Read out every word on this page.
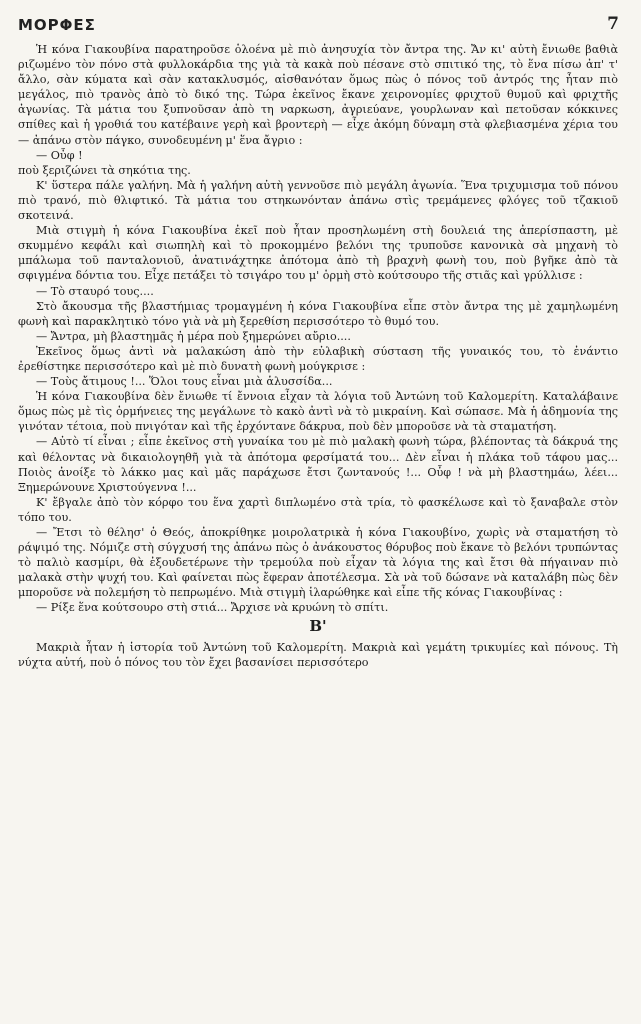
ΜΟΡΦΕΣ	7

Ἡ κόνα Γιακουβίνα παρατηροῦσε ὁλοένα μὲ πιὸ ἀνησυχία τὸν ἄντρα της. Ἄν κι' αὐτὴ ἔνιωθε βαθιὰ ριζωμένο τὸν πόνο στὰ φυλλοκάρδια της γιὰ τὰ κακὰ ποὺ πέσανε στὸ σπιτικό της, τὸ ἕνα πίσω ἀπ' τ' ἄλλο, σὰν κύματα καὶ σὰν κατακλυσμός, αἰσθανόταν ὅμως πὼς ὁ πόνος τοῦ ἀντρός της ἦταν πιὸ μεγάλος, πιὸ τρανὸς ἀπὸ τὸ δικό της. Τώρα ἐκεῖνος ἔκανε χειρονομίες φριχτοῦ θυμοῦ καὶ φριχτῆς ἀγωνίας. Τὰ μάτια του ξυπνοῦσαν ἀπὸ τη ναρκωση, ἀγριεύανε, γουρλωναν καὶ πετοῦσαν κόκκινες σπίθες καὶ ἡ γροθιά του κατέβαινε γερὴ καὶ βροντερὴ — εἶχε ἀκόμη δύναμη στὰ φλεβιασμένα χέρια του — ἀπάνω στὸν πάγκο, συνοδευμένη μ' ἕνα ἄγριο :

— Οὖφ !

ποὺ ξεριζώνει τὰ σηκότια της.

Κ' ὕστερα πάλε γαλήνη. Μὰ ἡ γαλήνη αὐτὴ γεννοῦσε πιὸ μεγάλη ἀγωνία. Ἕνα τριχυμισμα τοῦ πόνου πιὸ τρανό, πιὸ θλιφτικό. Τὰ μάτια του στηκωνόνταν ἀπάνω στὶς τρεμάμενες φλόγες τοῦ τζακιοῦ σκοτεινά.

Μιὰ στιγμὴ ἡ κόνα Γιακουβίνα ἐκεῖ ποὺ ἦταν προσηλωμένη στὴ δουλειά της ἀπερίσπαστη, μὲ σκυμμένο κεφάλι καὶ σιωπηλὴ καὶ τὸ προκομμένο βελόνι της τρυποῦσε κανονικὰ σὰ μηχανὴ τὸ μπάλωμα τοῦ πανταλονιοῦ, ἀνατινάχτηκε ἀπότομα ἀπὸ τὴ βραχνὴ φωνὴ του, ποὺ βγῆκε ἀπὸ τὰ σφιγμένα δόντια του. Εἶχε πετάξει τὸ τσιγάρο του μ' ὁρμὴ στὸ κούτσουρο τῆς στιᾶς καὶ γρύλλισε :

— Τὸ σταυρό τους....

Στὸ ἄκουσμα τῆς βλαστήμιας τρομαγμένη ἡ κόνα Γιακουβίνα εἶπε στὸν ἄντρα της μὲ χαμηλωμένη φωνὴ καὶ παρακλητικὸ τόνο γιὰ νὰ μὴ ξερεθίση περισσότερο τὸ θυμό του.

— Ἄντρα, μὴ βλαστημᾶς ἡ μέρα ποὺ ξημερώνει αὔριο....

Ἐκεῖνος ὅμως ἀντὶ νὰ μαλακώση ἀπὸ τὴν εὐλαβικὴ σύσταση τῆς γυναικός του, τὸ ἐνάντιο ἐρεθίστηκε περισσότερο καὶ μὲ πιὸ δυνατὴ φωνὴ μούγκρισε :

— Τοὺς ἄτιμους !... Ὅλοι τους εἶναι μιὰ ἁλυσσίδα...

Ἡ κόνα Γιακουβίνα δὲν ἔνιωθε τί ἔννοια εἶχαν τὰ λόγια τοῦ Ἀντώνη τοῦ Καλομερίτη. Καταλάβαινε ὅμως πὼς μὲ τὶς ὁρμήνειες της μεγάλωνε τὸ κακὸ ἀντὶ νὰ τὸ μικραίνη. Καὶ σώπασε. Μὰ ἡ ἀδημονία της γινόταν τέτοια, ποὺ πνιγόταν καὶ τῆς ἐρχόντανε δάκρυα, ποὺ δὲν μποροῦσε νὰ τὰ σταματήση.

— Αὐτὸ τί εἶναι ; εἶπε ἐκεῖνος στὴ γυναίκα του μὲ πιὸ μαλακὴ φωνὴ τώρα, βλέποντας τὰ δάκρυά της καὶ θέλοντας νὰ δικαιολογηθῆ γιὰ τὰ ἀπότομα φερσίματά του... Δὲν εἶναι ἡ πλάκα τοῦ τάφου μας... Ποιὸς ἀνοίξε τὸ λάκκο μας καὶ μᾶς παράχωσε ἔτσι ζωντανούς !... Οὖφ ! νὰ μὴ βλαστημάω, λέει... Ξημερώνουνε Χριστούγεννα !...

Κ' ἔβγαλε ἀπὸ τὸν κόρφο του ἕνα χαρτὶ διπλωμένο στὰ τρία, τὸ φασκέλωσε καὶ τὸ ξαναβαλε στὸν τόπο του.

— Ἔτσι τὸ θέλησ' ὁ Θεός, ἀποκρίθηκε μοιρολατρικὰ ἡ κόνα Γιακουβίνο, χωρὶς νὰ σταματήση τὸ ράψιμό της. Νόμιζε στὴ σύγχυσή της ἀπάνω πὼς ὁ ἀνάκουστος θόρυβος ποὺ ἔκανε τὸ βελόνι τρυπώντας τὸ παλιὸ κασμίρι, θὰ ἐξουδετέρωνε τὴν τρεμούλα ποὺ εἶχαν τὰ λόγια της καὶ ἔτσι θὰ πήγαιναν πιὸ μαλακὰ στὴν ψυχή του. Καὶ φαίνεται πὼς ἔφεραν ἀποτέλεσμα. Σὰ νὰ τοῦ δώσανε νὰ καταλάβη πὼς δὲν μποροῦσε νὰ πολεμήση τὸ πεπρωμένο. Μιὰ στιγμὴ ἱλαρώθηκε καὶ εἶπε τῆς κόνας Γιακουβίνας :

— Ρίξε ἕνα κούτσουρο στὴ στιά... Ἄρχισε νὰ κρυώνη τὸ σπίτι.

Β'

Μακριὰ ἦταν ἡ ἱστορία τοῦ Ἀντώνη τοῦ Καλομερίτη. Μακριὰ καὶ γεμάτη τρικυμίες καὶ πόνους. Τὴ νύχτα αὐτή, ποὺ ὁ πόνος του τὸν ἔχει βασανίσει περισσότερο
